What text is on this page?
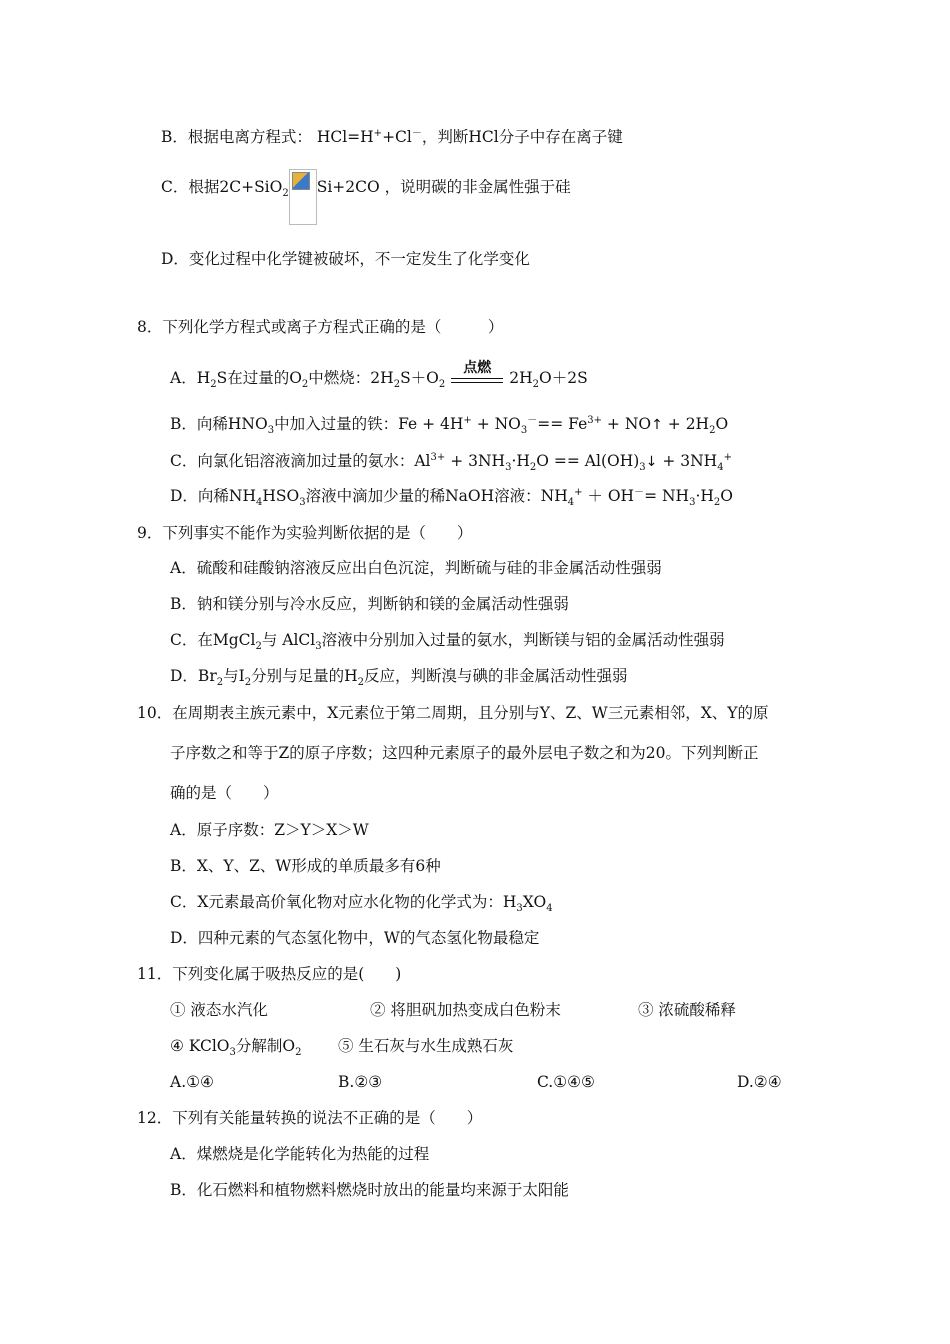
B．根据电离方程式： HCl=H++Cl－，判断HCl分子中存在离子键
C．根据2C+SiO$_2$ Si+2CO ，说明碳的非金属性强于硅
D．变化过程中化学键被破坏，不一定发生了化学变化
8．下列化学方程式或离子方程式正确的是（　　　）
A．$H_2S$在过量的$O_2$中燃烧：$2H_2S+O_2$
点燃
$2H_2O+2S$
B．向稀$HNO_3$中加入过量的铁：$Fe + 4H^+ + NO_3^-== Fe^{3+}$ + NO↑ + $2H_2O$
C．向氯化铝溶液滴加过量的氨水：$Al^{3+} + 3NH_3\cdot H_2O$ == $Al(OH)_3↓ + 3NH_4^+$
D．向稀$NH_4HSO_3$溶液中滴加少量的稀NaOH溶液：$NH_4^+ + OH^-= NH_3\cdot H_2O$
9．下列事实不能作为实验判断依据的是（　　）
A．硫酸和硅酸钠溶液反应出白色沉淀，判断硫与硅的非金属活动性强弱
B．钠和镁分别与冷水反应，判断钠和镁的金属活动性强弱
C．在MgCl$_2$与 AlCl$_3$溶液中分别加入过量的氨水，判断镁与铝的金属活动性强弱
D．$Br_2$与$I_2$分别与足量的$H_2$反应，判断溴与碘的非金属活动性强弱
10．在周期表主族元素中，X元素位于第二周期，且分别与Y、Z、W三元素相邻，X、Y的原
子序数之和等于Z的原子序数；这四种元素原子的最外层电子数之和为20。下列判断正
确的是（　　）
A．原子序数：Z＞Y＞X＞W
B．X、Y、Z、W形成的单质最多有6种
C．X元素最高价氧化物对应水化物的化学式为：$H_3XO_4$
D．四种元素的气态氢化物中，W的气态氢化物最稳定
11．下列变化属于吸热反应的是(　　)
① 液态水汽化	② 将胆矾加热变成白色粉末	③ 浓硫酸稀释
④ KClO$_3$分解制$O_2$ ⑤ 生石灰与水生成熟石灰
A.①④	B.②③	C.①④⑤	D.②④
12．下列有关能量转换的说法不正确的是（　　）
A．煤燃烧是化学能转化为热能的过程
B．化石燃料和植物燃料燃烧时放出的能量均来源于太阳能
